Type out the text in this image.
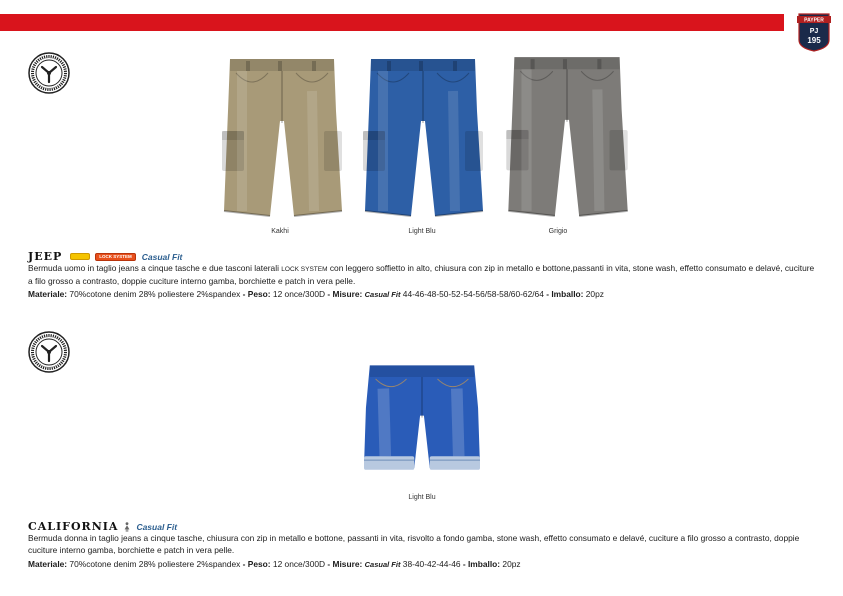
PAYPER
PJ
195
Kakhi	Light Blu	Grigio
JEEP	LOCK SYSTEM	Casual Fit
Bermuda uomo in taglio jeans a cinque tasche e due tasconi laterali LOCK SYSTEM con leggero soffietto in alto, chiusura con zip in metallo e bottone,passanti in vita, stone wash, effetto consumato e delavé, cuciture a filo grosso a contrasto, doppie cuciture interno gamba, borchiette e patch in vera pelle.
Materiale: 70%cotone denim 28% poliestere 2%spandex - Peso: 12 once/300D - Misure: Casual Fit 44-46-48-50-52-54-56/58-58/60-62/64 - Imballo: 20pz
Light Blu
CALIFORNIA Casual Fit
Bermuda donna in taglio jeans a cinque tasche, chiusura con zip in metallo e bottone, passanti in vita, risvolto a fondo gamba, stone wash, effetto consumato e delavé, cuciture a filo grosso a contrasto, doppie cuciture interno gamba, borchiette e patch in vera pelle.
Materiale: 70%cotone denim 28% poliestere 2%spandex - Peso: 12 once/300D - Misure: Casual Fit 38-40-42-44-46 - Imballo: 20pz
